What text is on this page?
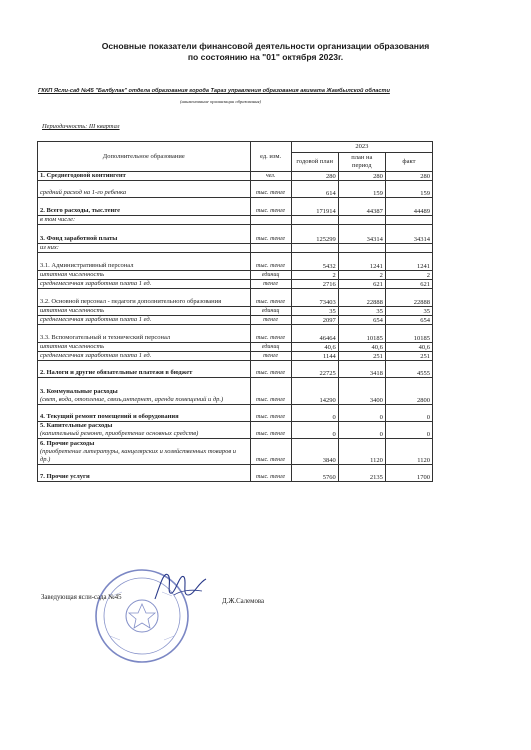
Основные показатели финансовой деятельности организации образования
по состоянию на "01" октября 2023г.
ГККП Ясли-сад №45 "Балбулак" отдела образования города Тараз управления образования акимата Жамбылской области
(наименование организации образования)
Периодичность: III квартал
Дополнительное образование	ед. изм.	2023		
		годовой план	план на период	факт
1. Среднегодовой контингент	чел.	280	280	280
средний расход на 1-го ребенка	тыс. тенге	614	159	159
2. Всего расходы, тыс.тенге	тыс. тенге	171914	44387	44489
в том числе:				
3. Фонд заработной платы	тыс. тенге	125299	34314	34314
из них:				
3.1. Административный персонал	тыс. тенге	5432	1241	1241
штатная численность	единиц	2	2	2
среднемесячная заработная плата 1 ед.	тенге	2716	621	621
3.2. Основной персонал - педагоги дополнительного образования	тыс. тенге	73403	22888	22888
штатная численность	единиц	35	35	35
среднемесячная заработная плата 1 ед.	тенге	2097	654	654
3.3. Вспомогательный и технический персонал	тыс. тенге	46464	10185	10185
штатная численность	единиц	40,6	40,6	40,6
среднемесячная заработная плата 1 ед.	тенге	1144	251	251
2. Налоги и другие обязательные платежи в бюджет	тыс. тенге	22725	3418	4555
3. Коммунальные расходы
(свет, вода, отопление, связь,интернет, аренда помещений и др.)	тыс. тенге	14290	3400	2800
4. Текущий ремонт помещений и оборудования	тыс. тенге	0	0	0
5. Капительные расходы
(капительный ремонт, приобретение основных средств)	тыс. тенге	0	0	0
6. Прочие расходы
(приобретение литературы, канцелярских и хозяйственных товаров и др.)	тыс. тенге	3840	1120	1120
7. Прочие услуги	тыс. тенге	5760	2135	1700
Заведующая ясли-сада №45
Д.Ж.Салемова
